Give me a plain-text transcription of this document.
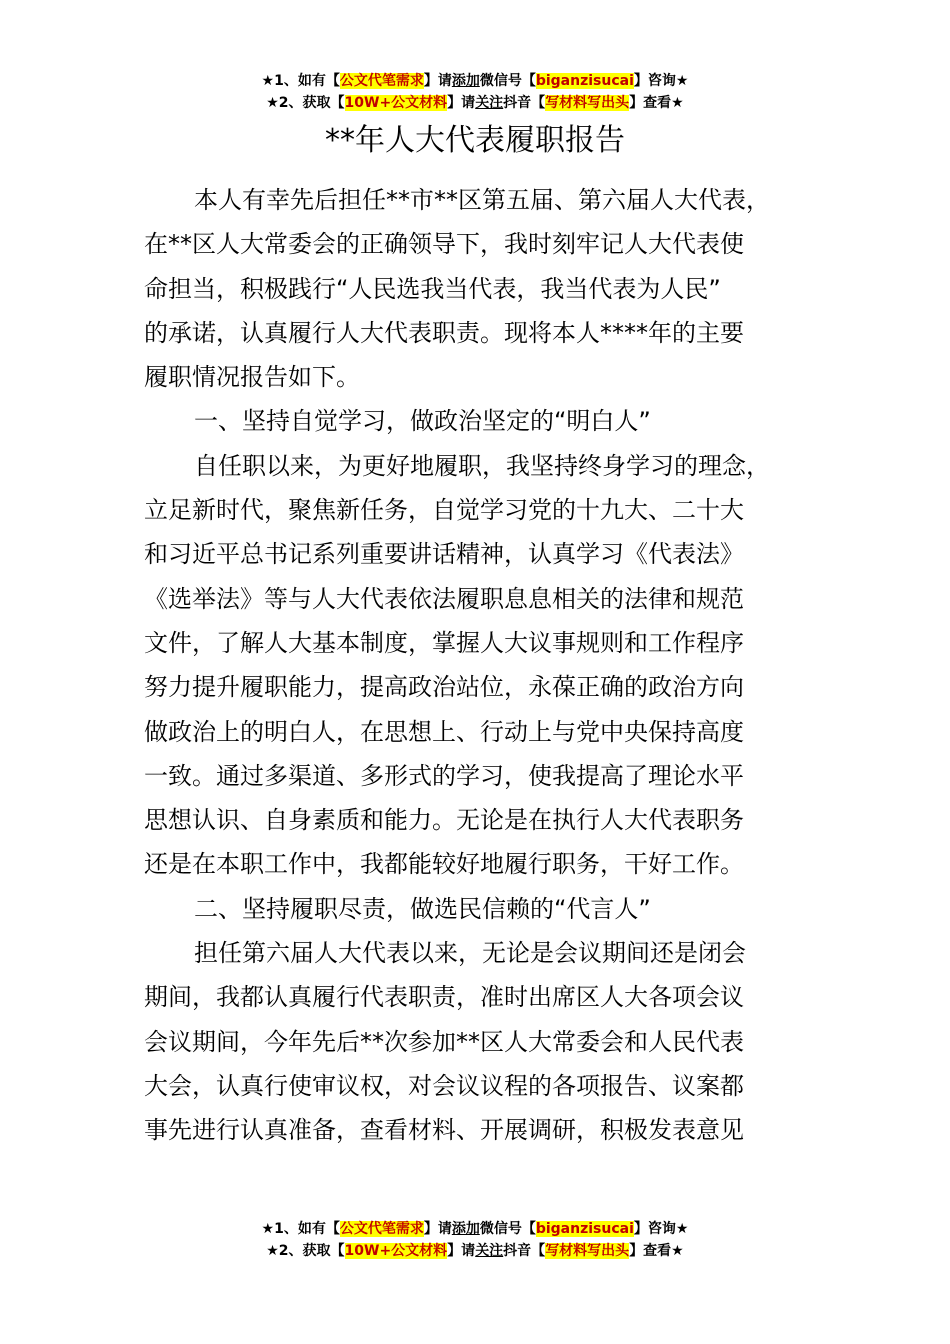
★1、如有【公文代笔需求】请添加微信号【biganzisucai】咨询★
★2、获取【10W+公文材料】请关注抖音【写材料写出头】查看★
**年人大代表履职报告
本人有幸先后担任**市**区第五届、第六届人大代表，
在**区人大常委会的正确领导下，我时刻牢记人大代表使
命担当，积极践行“人民选我当代表，我当代表为人民”
的承诺，认真履行人大代表职责。现将本人****年的主要
履职情况报告如下。
一、坚持自觉学习，做政治坚定的“明白人”
自任职以来，为更好地履职，我坚持终身学习的理念，
立足新时代，聚焦新任务，自觉学习党的十九大、二十大
和习近平总书记系列重要讲话精神，认真学习《代表法》
《选举法》等与人大代表依法履职息息相关的法律和规范
文件，了解人大基本制度，掌握人大议事规则和工作程序
努力提升履职能力，提高政治站位，永葆正确的政治方向
做政治上的明白人，在思想上、行动上与党中央保持高度
一致。通过多渠道、多形式的学习，使我提高了理论水平
思想认识、自身素质和能力。无论是在执行人大代表职务
还是在本职工作中，我都能较好地履行职务，干好工作。
二、坚持履职尽责，做选民信赖的“代言人”
担任第六届人大代表以来，无论是会议期间还是闭会
期间，我都认真履行代表职责，准时出席区人大各项会议
会议期间，今年先后**次参加**区人大常委会和人民代表
大会，认真行使审议权，对会议议程的各项报告、议案都
事先进行认真准备，查看材料、开展调研，积极发表意见
★1、如有【公文代笔需求】请添加微信号【biganzisucai】咨询★
★2、获取【10W+公文材料】请关注抖音【写材料写出头】查看★
